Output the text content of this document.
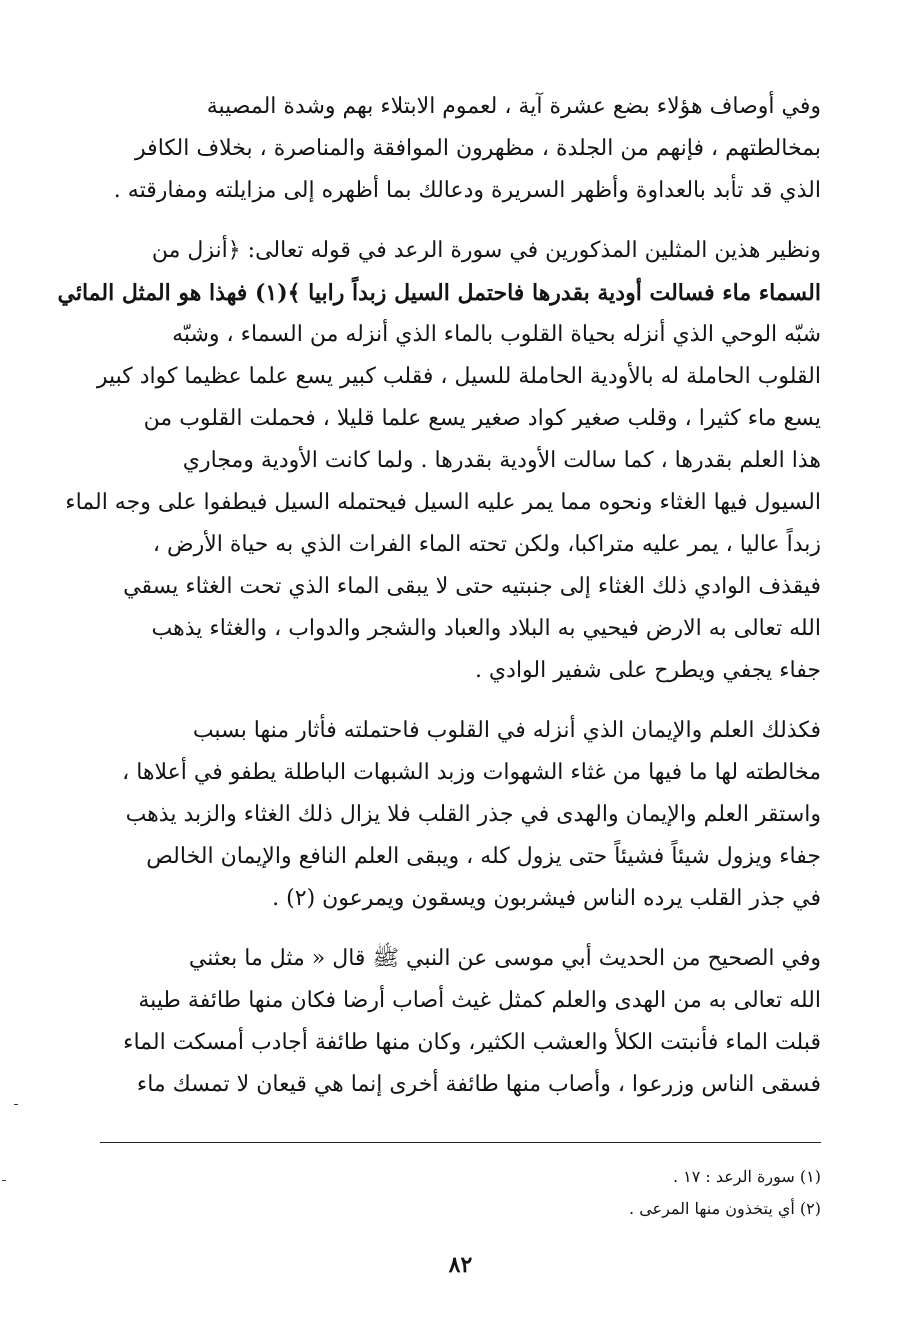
وفي أوصاف هؤلاء بضع عشرة آية ، لعموم الابتلاء بهم وشدة المصيبة
بمخالطتهم ، فإنهم من الجلدة ، مظهرون الموافقة والمناصرة ، بخلاف الكافر
الذي قد تأبد بالعداوة وأظهر السريرة ودعالك بما أظهره إلى مزايلته ومفارقته .

ونظير هذين المثلين المذكورين في سورة الرعد في قوله تعالى: ﴿أنزل من
السماء ماء فسالت أودية بقدرها فاحتمل السيل زبداً رابيا ﴾(١) فهذا هو المثل المائي
شبّه الوحي الذي أنزله بحياة القلوب بالماء الذي أنزله من السماء ، وشبّه
القلوب الحاملة له بالأودية الحاملة للسيل ، فقلب كبير يسع علما عظيما كواد كبير
يسع ماء كثيرا ، وقلب صغير كواد صغير يسع علما قليلا ، فحملت القلوب من
هذا العلم بقدرها ، كما سالت الأودية بقدرها . ولما كانت الأودية ومجاري
السيول فيها الغثاء ونحوه مما يمر عليه السيل فيحتمله السيل فيطفوا على وجه الماء
زبداً عاليا ، يمر عليه متراكبا، ولكن تحته الماء الفرات الذي به حياة الأرض ،
فيقذف الوادي ذلك الغثاء إلى جنبتيه حتى لا يبقى الماء الذي تحت الغثاء يسقي
الله تعالى به الارض فيحيي به البلاد والعباد والشجر والدواب ، والغثاء يذهب
جفاء يجفي ويطرح على شفير الوادي .

فكذلك العلم والإيمان الذي أنزله في القلوب فاحتملته فأثار منها بسبب
مخالطته لها ما فيها من غثاء الشهوات وزبد الشبهات الباطلة يطفو في أعلاها ،
واستقر العلم والإيمان والهدى في جذر القلب فلا يزال ذلك الغثاء والزبد يذهب
جفاء ويزول شيئاً فشيئاً حتى يزول كله ، ويبقى العلم النافع والإيمان الخالص
في جذر القلب يرده الناس فيشربون ويسقون ويمرعون (٢) .

وفي الصحيح من الحديث أبي موسى عن النبي ﷺ قال « مثل ما بعثني
الله تعالى به من الهدى والعلم كمثل غيث أصاب أرضا فكان منها طائفة طيبة
قبلت الماء فأنبتت الكلأ والعشب الكثير، وكان منها طائفة أجادب أمسكت الماء
فسقى الناس وزرعوا ، وأصاب منها طائفة أخرى إنما هي قيعان لا تمسك ماء

(١) سورة الرعد : ١٧ .
(٢) أي يتخذون منها المرعى .
٨٢
